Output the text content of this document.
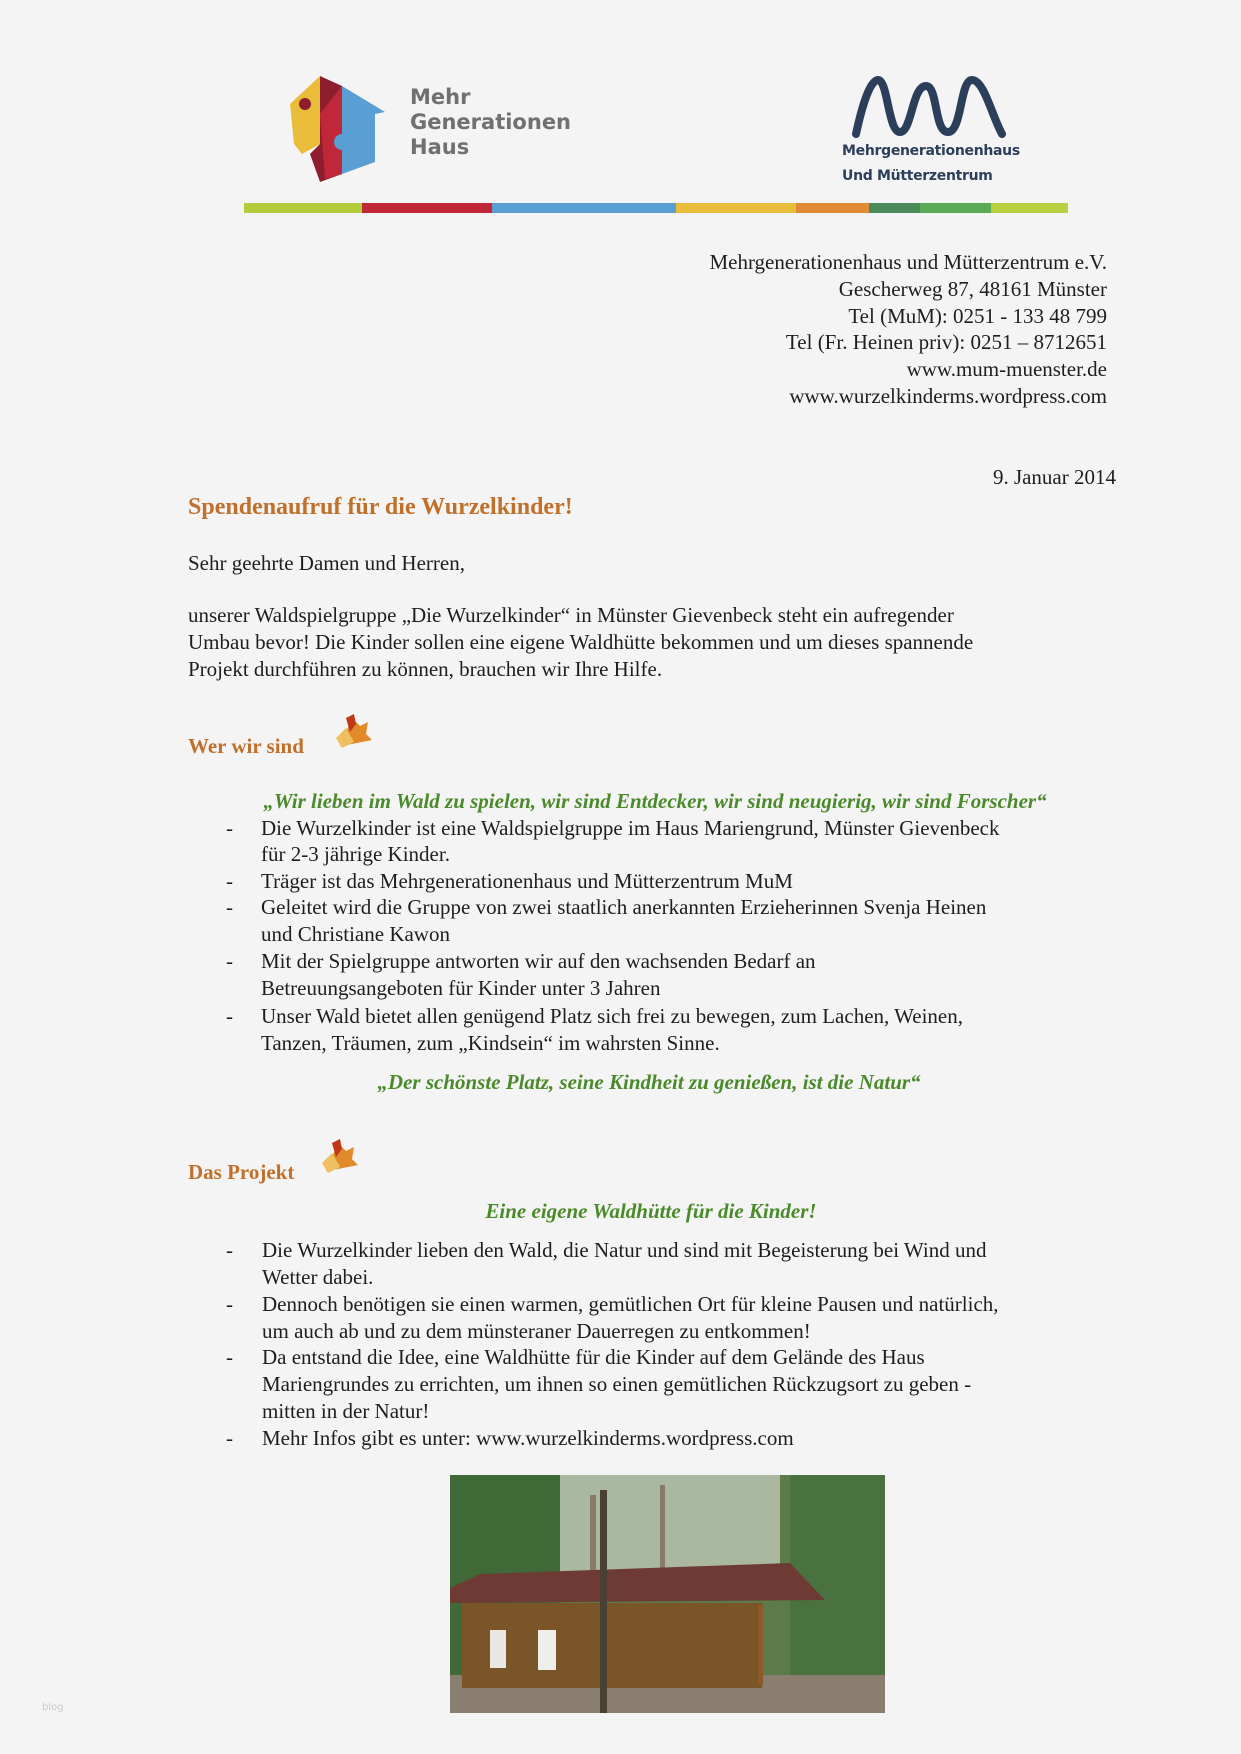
Mehr
Generationen
Haus	Mehrgenerationenhaus
Und Mütterzentrum
Mehrgenerationenhaus und Mütterzentrum e.V.
Gescherweg 87, 48161 Münster
Tel (MuM): 0251 - 133 48 799
Tel (Fr. Heinen priv): 0251 – 8712651
www.mum-muenster.de
www.wurzelkinderms.wordpress.com
9. Januar 2014
Spendenaufruf für die Wurzelkinder!
Sehr geehrte Damen und Herren,
unserer Waldspielgruppe „Die Wurzelkinder“ in Münster Gievenbeck steht ein aufregender
Umbau bevor! Die Kinder sollen eine eigene Waldhütte bekommen und um dieses spannende
Projekt durchführen zu können, brauchen wir Ihre Hilfe.
Wer wir sind
„Wir lieben im Wald zu spielen, wir sind Entdecker, wir sind neugierig, wir sind Forscher“
- Die Wurzelkinder ist eine Waldspielgruppe im Haus Mariengrund, Münster Gievenbeck
für 2-3 jährige Kinder.
- Träger ist das Mehrgenerationenhaus und Mütterzentrum MuM
- Geleitet wird die Gruppe von zwei staatlich anerkannten Erzieherinnen Svenja Heinen
und Christiane Kawon
- Mit der Spielgruppe antworten wir auf den wachsenden Bedarf an
Betreuungsangeboten für Kinder unter 3 Jahren
- Unser Wald bietet allen genügend Platz sich frei zu bewegen, zum Lachen, Weinen,
Tanzen, Träumen, zum „Kindsein“ im wahrsten Sinne.
„Der schönste Platz, seine Kindheit zu genießen, ist die Natur“
Das Projekt
Eine eigene Waldhütte für die Kinder!
- Die Wurzelkinder lieben den Wald, die Natur und sind mit Begeisterung bei Wind und
Wetter dabei.
- Dennoch benötigen sie einen warmen, gemütlichen Ort für kleine Pausen und natürlich,
um auch ab und zu dem münsteraner Dauerregen zu entkommen!
- Da entstand die Idee, eine Waldhütte für die Kinder auf dem Gelände des Haus
Mariengrundes zu errichten, um ihnen so einen gemütlichen Rückzugsort zu geben -
mitten in der Natur!
- Mehr Infos gibt es unter: www.wurzelkinderms.wordpress.com
blog
